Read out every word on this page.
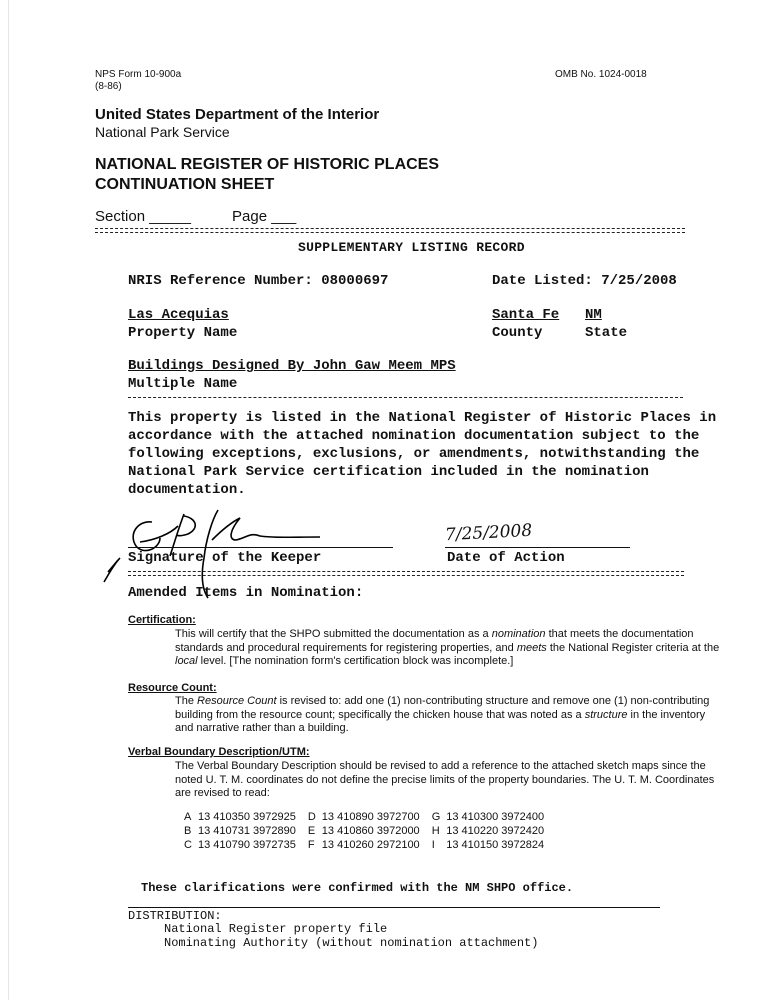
NPS Form 10-900a
(8-86)
OMB No. 1024-0018
United States Department of the Interior
National Park Service
NATIONAL REGISTER OF HISTORIC PLACES
CONTINUATION SHEET
Section _____	Page ___
SUPPLEMENTARY LISTING RECORD
NRIS Reference Number: 08000697	Date Listed: 7/25/2008
Las Acequias
Property Name
Santa Fe
County
NM
State
Buildings Designed By John Gaw Meem MPS
Multiple Name
This property is listed in the National Register of Historic Places in accordance with the attached nomination documentation subject to the following exceptions, exclusions, or amendments, notwithstanding the National Park Service certification included in the nomination documentation.
Signature of the Keeper
7/25/2008
Date of Action
Amended Items in Nomination:
Certification:
This will certify that the SHPO submitted the documentation as a nomination that meets the documentation standards and procedural requirements for registering properties, and meets the National Register criteria at the local level. [The nomination form's certification block was incomplete.]
Resource Count:
The Resource Count is revised to: add one (1) non-contributing structure and remove one (1) non-contributing building from the resource count; specifically the chicken house that was noted as a structure in the inventory and narrative rather than a building.
Verbal Boundary Description/UTM:
The Verbal Boundary Description should be revised to add a reference to the attached sketch maps since the noted U. T. M. coordinates do not define the precise limits of the property boundaries. The U. T. M. Coordinates are revised to read:
A	13 410350 3972925	D	13 410890 3972700	G	13 410300 3972400
B	13 410731 3972890	E	13 410860 3972000	H	13 410220 3972420
C	13 410790 3972735	F	13 410260 2972100	I	13 410150 3972824
These clarifications were confirmed with the NM SHPO office.
DISTRIBUTION:
National Register property file
Nominating Authority (without nomination attachment)
